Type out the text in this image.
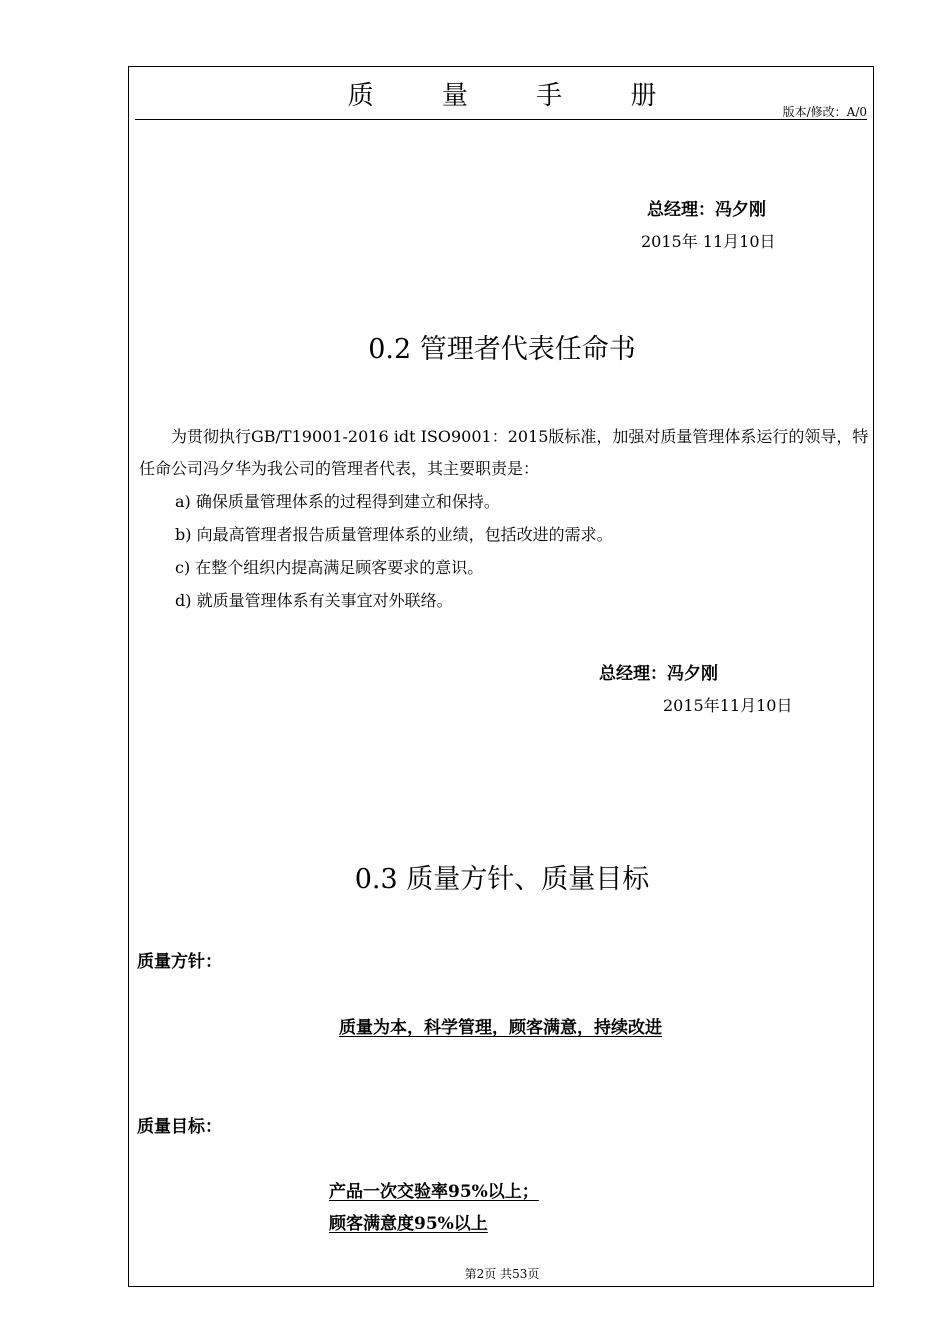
质 量 手 册
版本/修改：A/0
总经理：冯夕刚
2015年 11月10日
0.2 管理者代表任命书
为贯彻执行GB/T19001-2016 idt ISO9001：2015版标准，加强对质量管理体系运行的领导，特任命公司冯夕华为我公司的管理者代表，其主要职责是：
a) 确保质量管理体系的过程得到建立和保持。
b) 向最高管理者报告质量管理体系的业绩，包括改进的需求。
c) 在整个组织内提高满足顾客要求的意识。
d) 就质量管理体系有关事宜对外联络。
总经理：冯夕刚
2015年11月10日
0.3 质量方针、质量目标
质量方针：
质量为本，科学管理，顾客满意，持续改进
质量目标：
产品一次交验率95%以上；
顾客满意度95%以上
第2页 共53页
